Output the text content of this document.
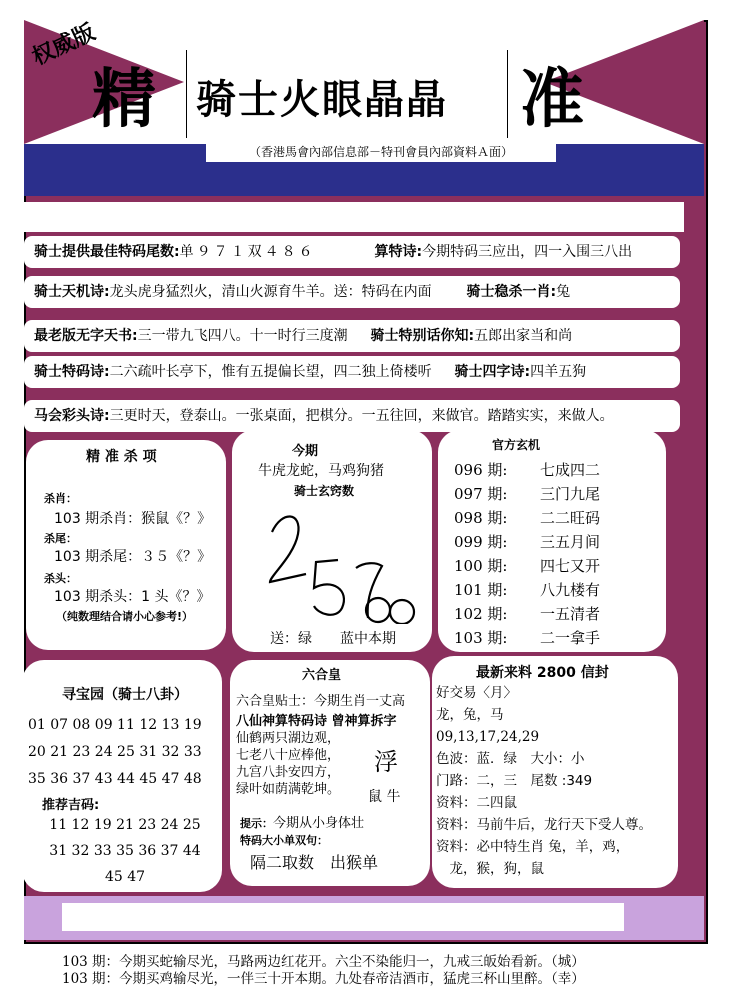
权威版
精 骑士火眼晶晶 准
（香港馬會內部信息部－特刊會員內部資料Ａ面）
骑士提供最佳特码尾数:单９７１双４８６	算特诗:今期特码三应出，四一入围三八出
骑士天机诗:龙头虎身猛烈火，清山火源育牛羊。送：特码在内面 骑士稳杀一肖:兔
最老版无字天书:三一带九飞四八。十一时行三度潮 骑士特别话你知:五郎出家当和尚
骑士特码诗:二六疏叶长亭下，惟有五提偏长望，四二独上倚楼听 骑士四字诗:四羊五狗
马会彩头诗:三更时天，登泰山。一张桌面，把棋分。一五往回，来做官。踏踏实实，来做人。
精 准 杀 项
杀肖：
103 期杀肖：猴鼠《？》
杀尾：
103 期杀尾：３５《？》
杀头：
103 期杀头：1 头《？》
（纯数理结合请小心参考!）
今期
牛虎龙蛇，马鸡狗猪
骑士玄窍数
送：绿　　蓝中本期
官方玄机
096 期: 七成四二
097 期: 三门九尾
098 期: 二二旺码
099 期: 三五月间
100 期: 四七又开
101 期: 八九楼有
102 期: 一五清者
103 期: 二一拿手
寻宝园（骑士八卦）
01 07 08 09 11 12 13 19
20 21 23 24 25 31 32 33
35 36 37 43 44 45 47 48
推荐吉码:
11 12 19 21 23 24 25
31 32 33 35 36 37 44
45 47
六合皇
六合皇贴士：今期生肖一丈高
八仙神算特码诗 曾神算拆字
仙鹤两只湖边观，
七老八十应棒他，
九宫八卦安四方，
绿叶如荫满乾坤。
浮
鼠 牛
提示：今期从小身体壮
特码大小单双句：
隔二取数　出猴单
最新来料 2800 信封
好交易〈月〉
龙，兔，马
09,13,17,24,29
色波：蓝．绿　大小：小
门路：二，三　尾数 :349
资料：二四鼠
资料：马前牛后，龙行天下受人尊。
资料：必中特生肖 兔，羊，鸡，
　龙，猴，狗，鼠
103 期：今期买蛇输尽光，马路两边红花开。六尘不染能归一，九戒三皈始看新。（城）
103 期：今期买鸡输尽光，一伴三十开本期。九处春帝洁酒市，猛虎三杯山里醉。（幸）
